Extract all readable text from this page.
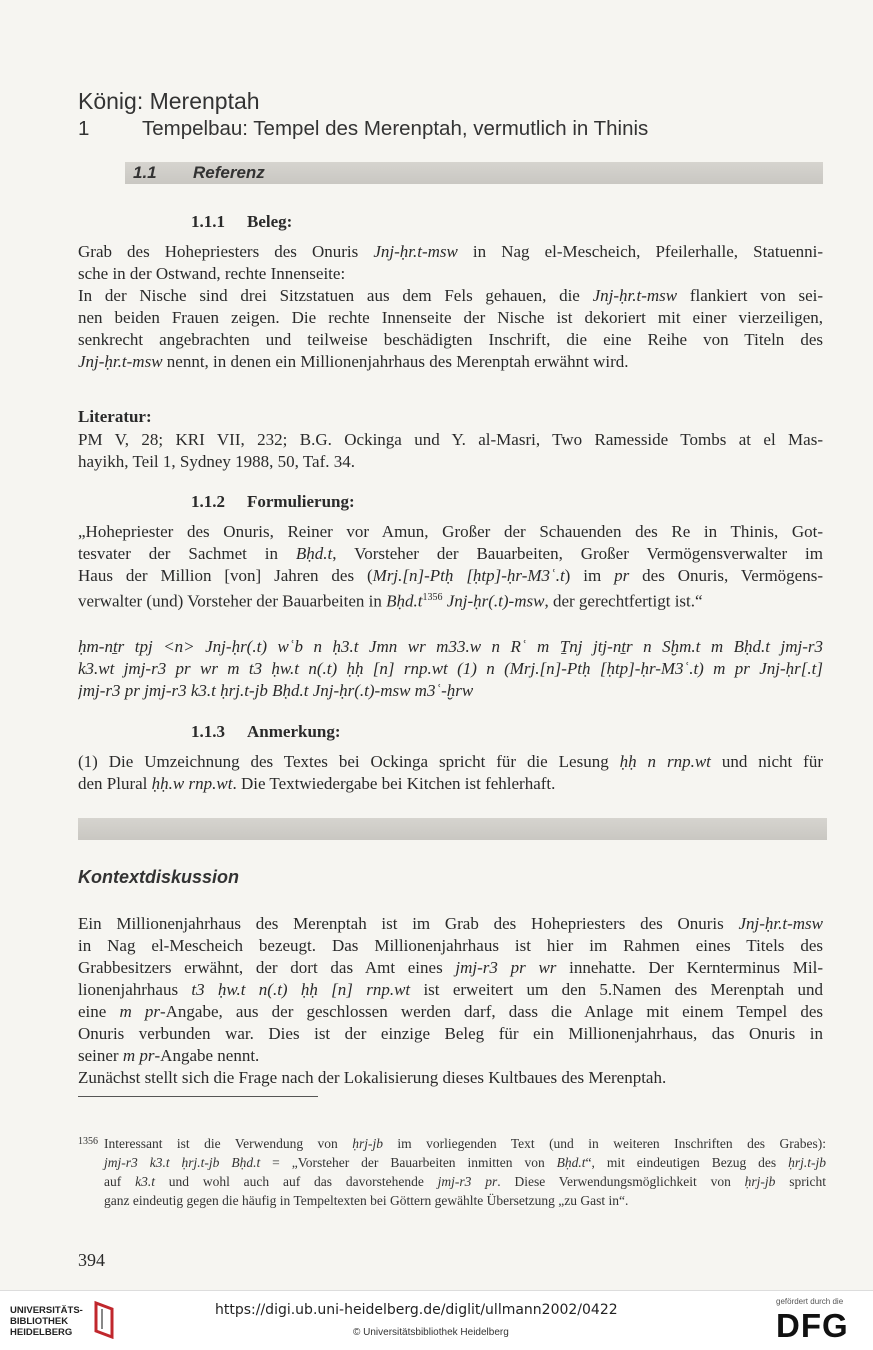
König: Merenptah
1	Tempelbau: Tempel des Merenptah, vermutlich in Thinis
1.1 Referenz
1.1.1 Beleg:
Grab des Hohepriesters des Onuris Jnj-ḥr.t-msw in Nag el-Mescheich, Pfeilerhalle, Statuenni-
sche in der Ostwand, rechte Innenseite:
In der Nische sind drei Sitzstatuen aus dem Fels gehauen, die Jnj-ḥr.t-msw flankiert von sei-
nen beiden Frauen zeigen. Die rechte Innenseite der Nische ist dekoriert mit einer vierzeiligen,
senkrecht angebrachten und teilweise beschädigten Inschrift, die eine Reihe von Titeln des
Jnj-ḥr.t-msw nennt, in denen ein Millionenjahrhaus des Merenptah erwähnt wird.
Literatur:
PM V, 28; KRI VII, 232; B.G. Ockinga und Y. al-Masri, Two Ramesside Tombs at el Mas-
hayikh, Teil 1, Sydney 1988, 50, Taf. 34.
1.1.2 Formulierung:
„Hohepriester des Onuris, Reiner vor Amun, Großer der Schauenden des Re in Thinis, Got-
tesvater der Sachmet in Bḥd.t, Vorsteher der Bauarbeiten, Großer Vermögensverwalter im
Haus der Million [von] Jahren des (Mrj.[n]-Ptḥ [ḥtp]-ḥr-M3ʿ.t) im pr des Onuris, Vermögens-
verwalter (und) Vorsteher der Bauarbeiten in $Bḥd.t^{1356}$ Jnj-ḥr(.t)-msw, der gerechtfertigt ist.“
ḥm-nṯr tpj <n> Jnj-ḥr(.t) wʿb n ḥ3.t Jmn wr m33.w n Rʿ m Ṯnj jtj-nṯr n Sḫm.t m Bḥd.t jmj-r3
k3.wt jmj-r3 pr wr m t3 ḥw.t n(.t) ḥḥ [n] rnp.wt (1) n (Mrj.[n]-Ptḥ [ḥtp]-ḥr-M3ʿ.t) m pr Jnj-ḥr[.t]
jmj-r3 pr jmj-r3 k3.t ḥrj.t-jb Bḥd.t Jnj-ḥr(.t)-msw m3ʿ-ḫrw
1.1.3 Anmerkung:
(1) Die Umzeichnung des Textes bei Ockinga spricht für die Lesung ḥḥ n rnp.wt und nicht für
den Plural ḥḥ.w rnp.wt. Die Textwiedergabe bei Kitchen ist fehlerhaft.
Kontextdiskussion
Ein Millionenjahrhaus des Merenptah ist im Grab des Hohepriesters des Onuris Jnj-ḥr.t-msw
in Nag el-Mescheich bezeugt. Das Millionenjahrhaus ist hier im Rahmen eines Titels des
Grabbesitzers erwähnt, der dort das Amt eines jmj-r3 pr wr innehatte. Der Kernterminus Mil-
lionenjahrhaus t3 ḥw.t n(.t) ḥḥ [n] rnp.wt ist erweitert um den 5.Namen des Merenptah und
eine m pr-Angabe, aus der geschlossen werden darf, dass die Anlage mit einem Tempel des
Onuris verbunden war. Dies ist der einzige Beleg für ein Millionenjahrhaus, das Onuris in
seiner m pr-Angabe nennt.
Zunächst stellt sich die Frage nach der Lokalisierung dieses Kultbaues des Merenptah.
1356 Interessant ist die Verwendung von ḥrj-jb im vorliegenden Text (und in weiteren Inschriften des Grabes):
jmj-r3 k3.t ḥrj.t-jb Bḥd.t = „Vorsteher der Bauarbeiten inmitten von Bḥd.t“, mit eindeutigen Bezug des ḥrj.t-jb
auf k3.t und wohl auch auf das davorstehende jmj-r3 pr. Diese Verwendungsmöglichkeit von ḥrj-jb spricht
ganz eindeutig gegen die häufig in Tempeltexten bei Göttern gewählte Übersetzung „zu Gast in“.
394
UNIVERSITÄTS-
BIBLIOTHEK
HEIDELBERG
https://digi.ub.uni-heidelberg.de/diglit/ullmann2002/0422
© Universitätsbibliothek Heidelberg
gefördert durch die
DFG
